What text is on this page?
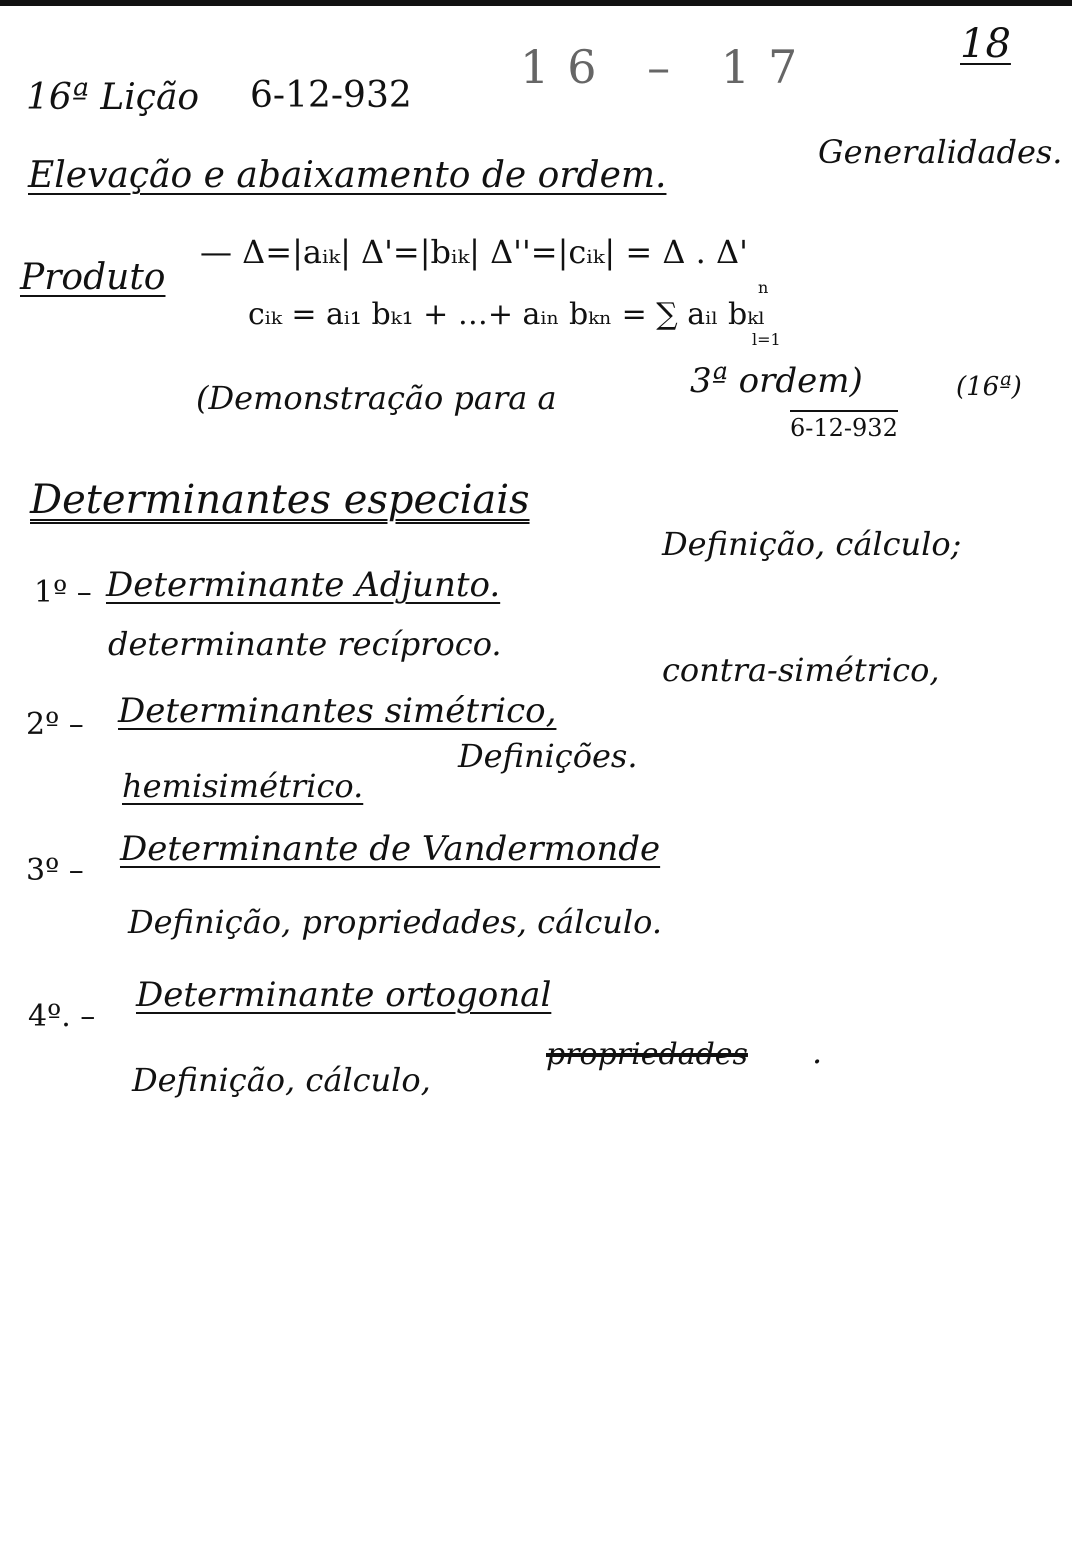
18
16ª Lição 6-12-932
16 – 17
Elevação e abaixamento de ordem.
Generalidades.
Produto
— Δ=|aᵢₖ| Δ'=|bᵢₖ| Δ''=|cᵢₖ| = Δ . Δ'
cᵢₖ = aᵢ₁ bₖ₁ + …+ aᵢₙ bₖₙ = ∑ aᵢₗ bₖₗ
n
l=1
(Demonstração para a	3ª ordem)
6-12-932
(16ª)
Determinantes especiais
1º – Determinante Adjunto.
Definição, cálculo;
determinante recíproco.
2º – Determinantes simétrico,
contra-simétrico,
hemisimétrico.
Definições.
3º –
Determinante de Vandermonde
Definição, propriedades, cálculo.
4º. –
Determinante ortogonal
Definição, cálculo,
propriedades .
